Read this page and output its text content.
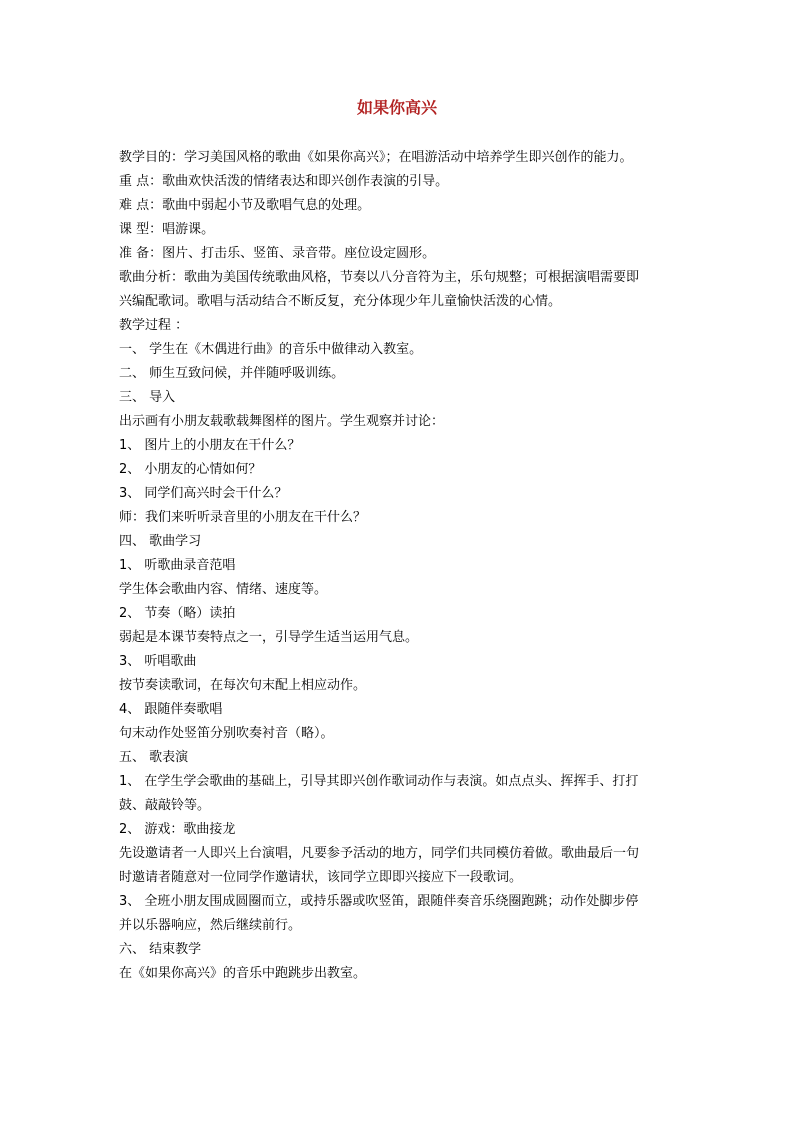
如果你高兴

教学目的：学习美国风格的歌曲《如果你高兴》；在唱游活动中培养学生即兴创作的能力。

重 点：歌曲欢快活泼的情绪表达和即兴创作表演的引导。

难 点：歌曲中弱起小节及歌唱气息的处理。

课 型：唱游课。

准 备：图片、打击乐、竖笛、录音带。座位设定圆形。

歌曲分析：歌曲为美国传统歌曲风格，节奏以八分音符为主，乐句规整；可根据演唱需要即

兴编配歌词。歌唱与活动结合不断反复，充分体现少年儿童愉快活泼的心情。

教学过程 ：

一、 学生在《木偶进行曲》的音乐中做律动入教室。

二、 师生互致问候，并伴随呼吸训练。

三、 导入

出示画有小朋友载歌载舞图样的图片。学生观察并讨论：

1、 图片上的小朋友在干什么？

2、 小朋友的心情如何？

3、 同学们高兴时会干什么？

师：我们来听听录音里的小朋友在干什么？

四、 歌曲学习

1、 听歌曲录音范唱

学生体会歌曲内容、情绪、速度等。

2、 节奏（略）读拍

弱起是本课节奏特点之一，引导学生适当运用气息。

3、 听唱歌曲

按节奏读歌词，在每次句末配上相应动作。

4、 跟随伴奏歌唱

句末动作处竖笛分别吹奏衬音（略）。

五、 歌表演

1、 在学生学会歌曲的基础上，引导其即兴创作歌词动作与表演。如点点头、挥挥手、打打

鼓、敲敲铃等。

2、 游戏：歌曲接龙

先设邀请者一人即兴上台演唱，凡要参予活动的地方，同学们共同模仿着做。歌曲最后一句

时邀请者随意对一位同学作邀请状，该同学立即即兴接应下一段歌词。

3、 全班小朋友围成圆圈而立，或持乐器或吹竖笛，跟随伴奏音乐绕圈跑跳；动作处脚步停

并以乐器响应，然后继续前行。

六、 结束教学

在《如果你高兴》的音乐中跑跳步出教室。
